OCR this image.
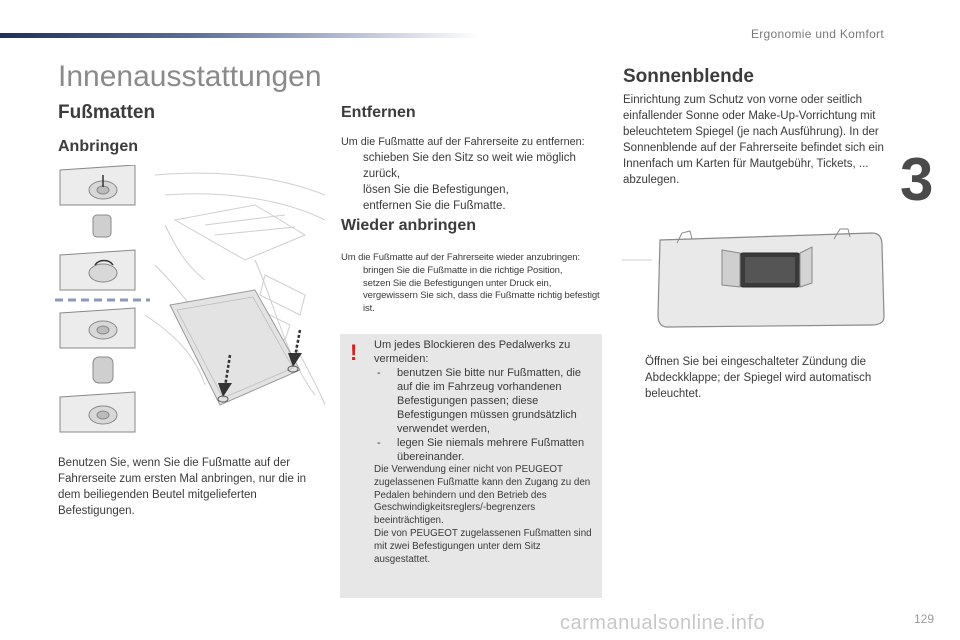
Ergonomie und Komfort
3
Innenausstattungen
Fußmatten
Anbringen
Benutzen Sie, wenn Sie die Fußmatte auf der Fahrerseite zum ersten Mal anbringen, nur die in dem beiliegenden Beutel mitgelieferten Befestigungen.
Entfernen
Um die Fußmatte auf der Fahrerseite zu entfernen:
schieben Sie den Sitz so weit wie möglich zurück,
lösen Sie die Befestigungen,
entfernen Sie die Fußmatte.
Wieder anbringen
Um die Fußmatte auf der Fahrerseite wieder anzubringen:
bringen Sie die Fußmatte in die richtige Position,
setzen Sie die Befestigungen unter Druck ein,
vergewissern Sie sich, dass die Fußmatte richtig befestigt ist.
! Um jedes Blockieren des Pedalwerks zu vermeiden:
- benutzen Sie bitte nur Fußmatten, die auf die im Fahrzeug vorhandenen Befestigungen passen; diese Befestigungen müssen grundsätzlich verwendet werden,
- legen Sie niemals mehrere Fußmatten übereinander.
Die Verwendung einer nicht von PEUGEOT zugelassenen Fußmatte kann den Zugang zu den Pedalen behindern und den Betrieb des Geschwindigkeitsreglers/-begrenzers beeinträchtigen.
Die von PEUGEOT zugelassenen Fußmatten sind mit zwei Befestigungen unter dem Sitz ausgestattet.
Sonnenblende
Einrichtung zum Schutz von vorne oder seitlich einfallender Sonne oder Make-Up-Vorrichtung mit beleuchtetem Spiegel (je nach Ausführung). In der Sonnenblende auf der Fahrerseite befindet sich ein Innenfach um Karten für Mautgebühr, Tickets, ... abzulegen.
Öffnen Sie bei eingeschalteter Zündung die Abdeckklappe; der Spiegel wird automatisch beleuchtet.
carmanualsonline.info	129
